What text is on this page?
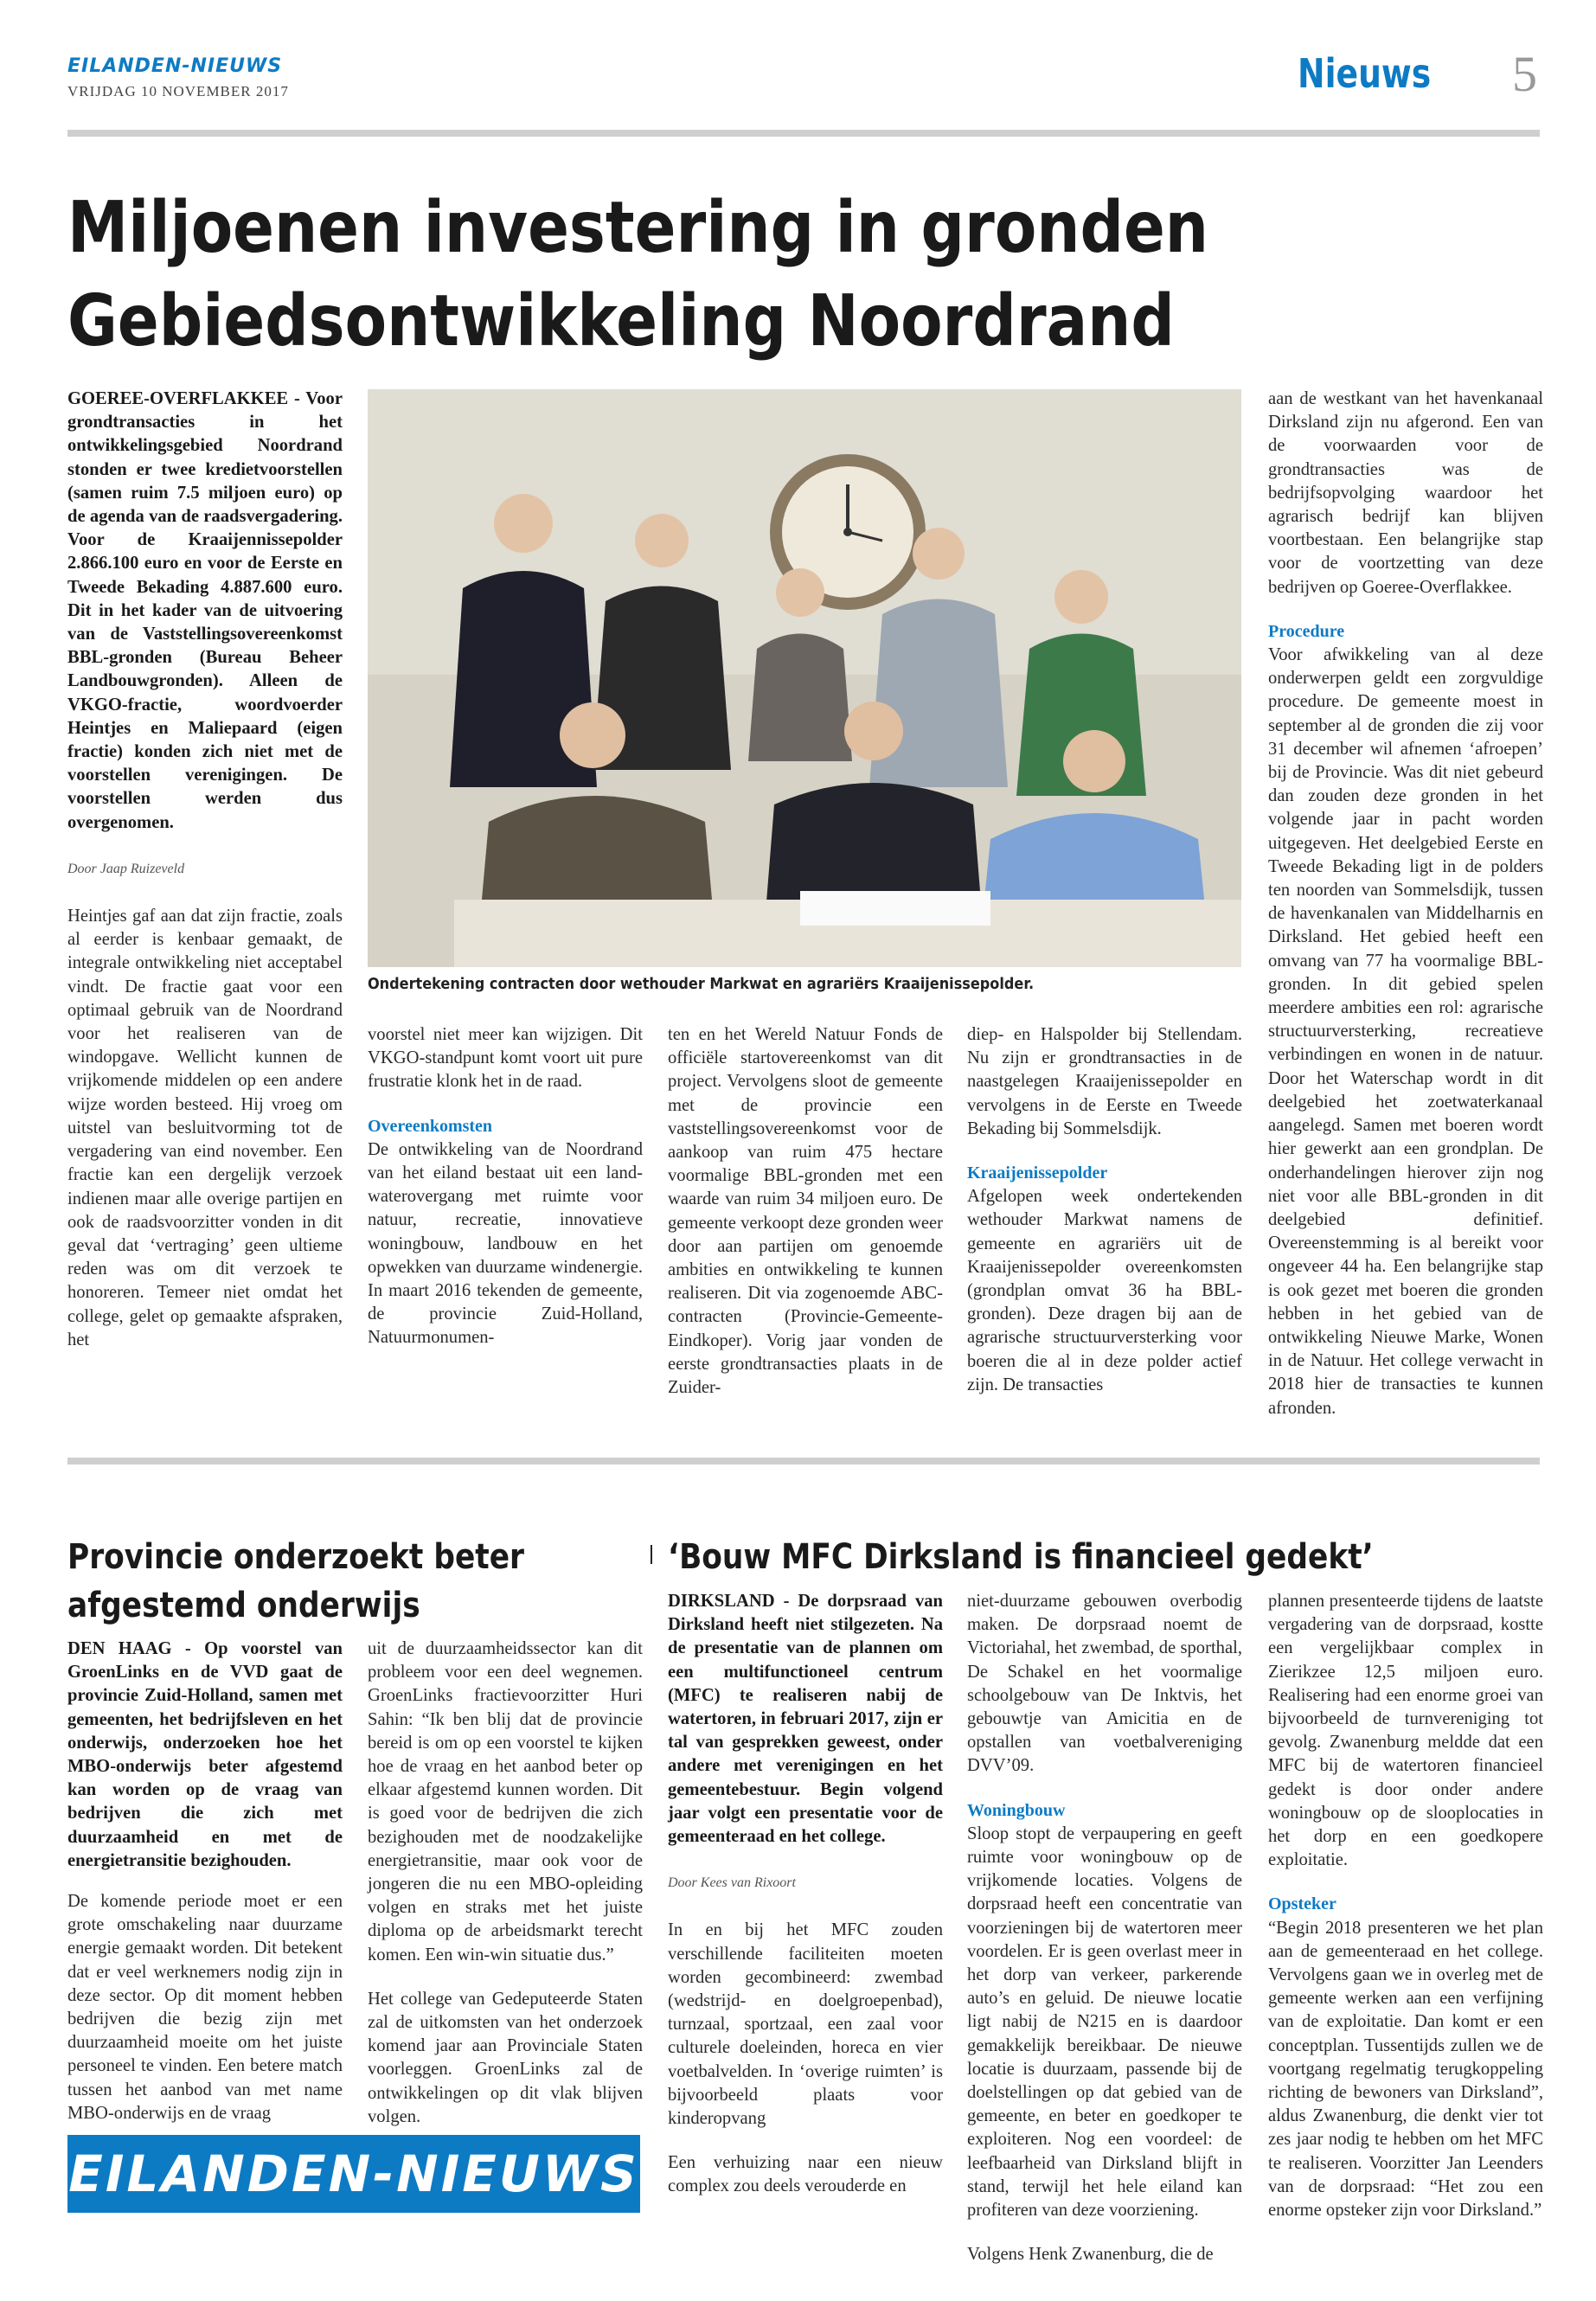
EILANDEN-NIEUWS
VRIJDAG 10 NOVEMBER 2017	Nieuws 5
Miljoenen investering in gronden
Gebiedsontwikkeling Noordrand

GOEREE-OVERFLAKKEE - Voor grondtransacties in het ontwikkelingsgebied Noordrand stonden er twee kredietvoorstellen (samen ruim 7.5 miljoen euro) op de agenda van de raadsvergadering. Voor de Kraaijennissepolder 2.866.100 euro en voor de Eerste en Tweede Bekading 4.887.600 euro. Dit in het kader van de uitvoering van de Vaststellingsovereenkomst BBL-gronden (Bureau Beheer Landbouwgronden). Alleen de VKGO-fractie, woordvoerder Heintjes en Maliepaard (eigen fractie) konden zich niet met de voorstellen verenigingen. De voorstellen werden dus overgenomen.

Door Jaap Ruizeveld

Heintjes gaf aan dat zijn fractie, zoals al eerder is kenbaar gemaakt, de integrale ontwikkeling niet acceptabel vindt. De fractie gaat voor een optimaal gebruik van de Noordrand voor het realiseren van de windopgave. Wellicht kunnen de vrijkomende middelen op een andere wijze worden besteed. Hij vroeg om uitstel van besluitvorming tot de vergadering van eind november. Een fractie kan een dergelijk verzoek indienen maar alle overige partijen en ook de raadsvoorzitter vonden in dit geval dat ‘vertraging’ geen ultieme reden was om dit verzoek te honoreren. Temeer niet omdat het college, gelet op gemaakte afspraken, het

Ondertekening contracten door wethouder Markwat en agrariërs Kraaijenissepolder.

voorstel niet meer kan wijzigen. Dit VKGO-standpunt komt voort uit pure frustratie klonk het in de raad.

Overeenkomsten

De ontwikkeling van de Noordrand van het eiland bestaat uit een land-waterovergang met ruimte voor natuur, recreatie, innovatieve woningbouw, landbouw en het opwekken van duurzame windenergie. In maart 2016 tekenden de gemeente, de provincie Zuid-Holland, Natuurmonumen-

ten en het Wereld Natuur Fonds de officiële startovereenkomst van dit project. Vervolgens sloot de gemeente met de provincie een vaststellingsovereenkomst voor de aankoop van ruim 475 hectare voormalige BBL-gronden met een waarde van ruim 34 miljoen euro. De gemeente verkoopt deze gronden weer door aan partijen om genoemde ambities en ontwikkeling te kunnen realiseren. Dit via zogenoemde ABC-contracten (Provincie-Gemeente-Eindkoper). Vorig jaar vonden de eerste grondtransacties plaats in de Zuider-

diep- en Halspolder bij Stellendam. Nu zijn er grondtransacties in de naastgelegen Kraaijenissepolder en vervolgens in de Eerste en Tweede Bekading bij Sommelsdijk.

Kraaijenissepolder

Afgelopen week ondertekenden wethouder Markwat namens de gemeente en agrariërs uit de Kraaijenissepolder overeenkomsten (grondplan omvat 36 ha BBL-gronden). Deze dragen bij aan de agrarische structuurversterking voor boeren die al in deze polder actief zijn. De transacties

aan de westkant van het havenkanaal Dirksland zijn nu afgerond. Een van de voorwaarden voor de grondtransacties was de bedrijfsopvolging waardoor het agrarisch bedrijf kan blijven voortbestaan. Een belangrijke stap voor de voortzetting van deze bedrijven op Goeree-Overflakkee.

Procedure

Voor afwikkeling van al deze onderwerpen geldt een zorgvuldige procedure. De gemeente moest in september al de gronden die zij voor 31 december wil afnemen ‘afroepen’ bij de Provincie. Was dit niet gebeurd dan zouden deze gronden in het volgende jaar in pacht worden uitgegeven. Het deelgebied Eerste en Tweede Bekading ligt in de polders ten noorden van Sommelsdijk, tussen de havenkanalen van Middelharnis en Dirksland. Het gebied heeft een omvang van 77 ha voormalige BBL-gronden. In dit gebied spelen meerdere ambities een rol: agrarische structuurversterking, recreatieve verbindingen en wonen in de natuur. Door het Waterschap wordt in dit deelgebied het zoetwaterkanaal aangelegd. Samen met boeren wordt hier gewerkt aan een grondplan. De onderhandelingen hierover zijn nog niet voor alle BBL-gronden in dit deelgebied definitief. Overeenstemming is al bereikt voor ongeveer 44 ha. Een belangrijke stap is ook gezet met boeren die gronden hebben in het gebied van de ontwikkeling Nieuwe Marke, Wonen in de Natuur. Het college verwacht in 2018 hier de transacties te kunnen afronden.

Provincie onderzoekt beter
afgestemd onderwijs

DEN HAAG - Op voorstel van GroenLinks en de VVD gaat de provincie Zuid-Holland, samen met gemeenten, het bedrijfsleven en het onderwijs, onderzoeken hoe het MBO-onderwijs beter afgestemd kan worden op de vraag van bedrijven die zich met duurzaamheid en met de energietransitie bezighouden.

De komende periode moet er een grote omschakeling naar duurzame energie gemaakt worden. Dit betekent dat er veel werknemers nodig zijn in deze sector. Op dit moment hebben bedrijven die bezig zijn met duurzaamheid moeite om het juiste personeel te vinden. Een betere match tussen het aanbod van met name MBO-onderwijs en de vraag

uit de duurzaamheidssector kan dit probleem voor een deel wegnemen. GroenLinks fractievoorzitter Huri Sahin: “Ik ben blij dat de provincie bereid is om op een voorstel te kijken hoe de vraag en het aanbod beter op elkaar afgestemd kunnen worden. Dit is goed voor de bedrijven die zich bezighouden met de noodzakelijke energietransitie, maar ook voor de jongeren die nu een MBO-opleiding volgen en straks met het juiste diploma op de arbeidsmarkt terecht komen. Een win-win situatie dus.”

Het college van Gedeputeerde Staten zal de uitkomsten van het onderzoek komend jaar aan Provinciale Staten voorleggen. GroenLinks zal de ontwikkelingen op dit vlak blijven volgen.

‘Bouw MFC Dirksland is financieel gedekt’

DIRKSLAND - De dorpsraad van Dirksland heeft niet stilgezeten. Na de presentatie van de plannen om een multifunctioneel centrum (MFC) te realiseren nabij de watertoren, in februari 2017, zijn er tal van gesprekken geweest, onder andere met verenigingen en het gemeentebestuur. Begin volgend jaar volgt een presentatie voor de gemeenteraad en het college.

Door Kees van Rixoort

In en bij het MFC zouden verschillende faciliteiten moeten worden gecombineerd: zwembad (wedstrijd- en doelgroepenbad), turnzaal, sportzaal, een zaal voor culturele doeleinden, horeca en vier voetbalvelden. In ‘overige ruimten’ is bijvoorbeeld plaats voor kinderopvang

Een verhuizing naar een nieuw complex zou deels verouderde en

niet-duurzame gebouwen overbodig maken. De dorpsraad noemt de Victoriahal, het zwembad, de sporthal, De Schakel en het voormalige schoolgebouw van De Inktvis, het gebouwtje van Amicitia en de opstallen van voetbalvereniging DVV’09.

Woningbouw

Sloop stopt de verpaupering en geeft ruimte voor woningbouw op de vrijkomende locaties. Volgens de dorpsraad heeft een concentratie van voorzieningen bij de watertoren meer voordelen. Er is geen overlast meer in het dorp van verkeer, parkerende auto’s en geluid. De nieuwe locatie ligt nabij de N215 en is daardoor gemakkelijk bereikbaar. De nieuwe locatie is duurzaam, passende bij de doelstellingen op dat gebied van de gemeente, en beter en goedkoper te exploiteren. Nog een voordeel: de leefbaarheid van Dirksland blijft in stand, terwijl het hele eiland kan profiteren van deze voorziening.

Volgens Henk Zwanenburg, die de

plannen presenteerde tijdens de laatste vergadering van de dorpsraad, kostte een vergelijkbaar complex in Zierikzee 12,5 miljoen euro. Realisering had een enorme groei van bijvoorbeeld de turnvereniging tot gevolg. Zwanenburg meldde dat een MFC bij de watertoren financieel gedekt is door onder andere woningbouw op de slooplocaties in het dorp en een goedkopere exploitatie.

Opsteker

“Begin 2018 presenteren we het plan aan de gemeenteraad en het college. Vervolgens gaan we in overleg met de gemeente werken aan een verfijning van de exploitatie. Dan komt er een conceptplan. Tussentijds zullen we de voortgang regelmatig terugkoppeling richting de bewoners van Dirksland”, aldus Zwanenburg, die denkt vier tot zes jaar nodig te hebben om het MFC te realiseren. Voorzitter Jan Leenders van de dorpsraad: “Het zou een enorme opsteker zijn voor Dirksland.”

EILANDEN-NIEUWS
